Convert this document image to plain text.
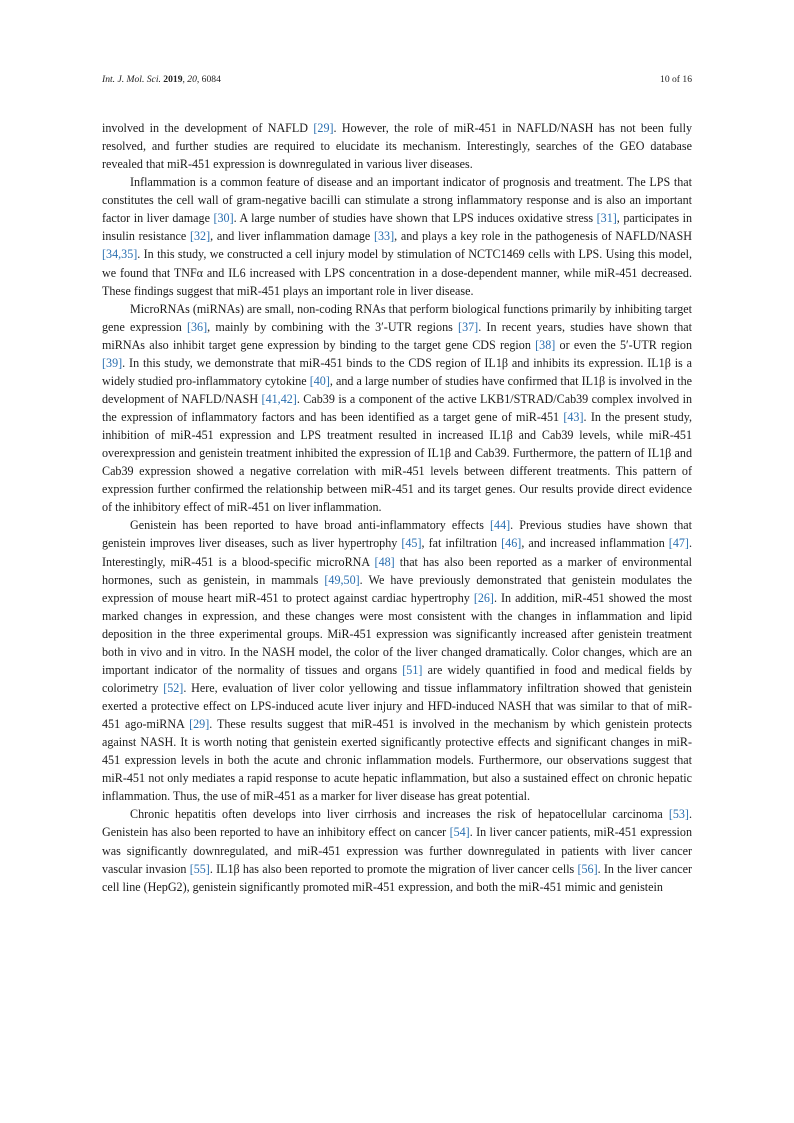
Int. J. Mol. Sci. 2019, 20, 6084	10 of 16

involved in the development of NAFLD [29]. However, the role of miR-451 in NAFLD/NASH has not been fully resolved, and further studies are required to elucidate its mechanism. Interestingly, searches of the GEO database revealed that miR-451 expression is downregulated in various liver diseases.

Inflammation is a common feature of disease and an important indicator of prognosis and treatment. The LPS that constitutes the cell wall of gram-negative bacilli can stimulate a strong inflammatory response and is also an important factor in liver damage [30]. A large number of studies have shown that LPS induces oxidative stress [31], participates in insulin resistance [32], and liver inflammation damage [33], and plays a key role in the pathogenesis of NAFLD/NASH [34,35]. In this study, we constructed a cell injury model by stimulation of NCTC1469 cells with LPS. Using this model, we found that TNFα and IL6 increased with LPS concentration in a dose-dependent manner, while miR-451 decreased. These findings suggest that miR-451 plays an important role in liver disease.

MicroRNAs (miRNAs) are small, non-coding RNAs that perform biological functions primarily by inhibiting target gene expression [36], mainly by combining with the 3′-UTR regions [37]. In recent years, studies have shown that miRNAs also inhibit target gene expression by binding to the target gene CDS region [38] or even the 5′-UTR region [39]. In this study, we demonstrate that miR-451 binds to the CDS region of IL1β and inhibits its expression. IL1β is a widely studied pro-inflammatory cytokine [40], and a large number of studies have confirmed that IL1β is involved in the development of NAFLD/NASH [41,42]. Cab39 is a component of the active LKB1/STRAD/Cab39 complex involved in the expression of inflammatory factors and has been identified as a target gene of miR-451 [43]. In the present study, inhibition of miR-451 expression and LPS treatment resulted in increased IL1β and Cab39 levels, while miR-451 overexpression and genistein treatment inhibited the expression of IL1β and Cab39. Furthermore, the pattern of IL1β and Cab39 expression showed a negative correlation with miR-451 levels between different treatments. This pattern of expression further confirmed the relationship between miR-451 and its target genes. Our results provide direct evidence of the inhibitory effect of miR-451 on liver inflammation.

Genistein has been reported to have broad anti-inflammatory effects [44]. Previous studies have shown that genistein improves liver diseases, such as liver hypertrophy [45], fat infiltration [46], and increased inflammation [47]. Interestingly, miR-451 is a blood-specific microRNA [48] that has also been reported as a marker of environmental hormones, such as genistein, in mammals [49,50]. We have previously demonstrated that genistein modulates the expression of mouse heart miR-451 to protect against cardiac hypertrophy [26]. In addition, miR-451 showed the most marked changes in expression, and these changes were most consistent with the changes in inflammation and lipid deposition in the three experimental groups. MiR-451 expression was significantly increased after genistein treatment both in vivo and in vitro. In the NASH model, the color of the liver changed dramatically. Color changes, which are an important indicator of the normality of tissues and organs [51] are widely quantified in food and medical fields by colorimetry [52]. Here, evaluation of liver color yellowing and tissue inflammatory infiltration showed that genistein exerted a protective effect on LPS-induced acute liver injury and HFD-induced NASH that was similar to that of miR-451 ago-miRNA [29]. These results suggest that miR-451 is involved in the mechanism by which genistein protects against NASH. It is worth noting that genistein exerted significantly protective effects and significant changes in miR-451 expression levels in both the acute and chronic inflammation models. Furthermore, our observations suggest that miR-451 not only mediates a rapid response to acute hepatic inflammation, but also a sustained effect on chronic hepatic inflammation. Thus, the use of miR-451 as a marker for liver disease has great potential.

Chronic hepatitis often develops into liver cirrhosis and increases the risk of hepatocellular carcinoma [53]. Genistein has also been reported to have an inhibitory effect on cancer [54]. In liver cancer patients, miR-451 expression was significantly downregulated, and miR-451 expression was further downregulated in patients with liver cancer vascular invasion [55]. IL1β has also been reported to promote the migration of liver cancer cells [56]. In the liver cancer cell line (HepG2), genistein significantly promoted miR-451 expression, and both the miR-451 mimic and genistein
